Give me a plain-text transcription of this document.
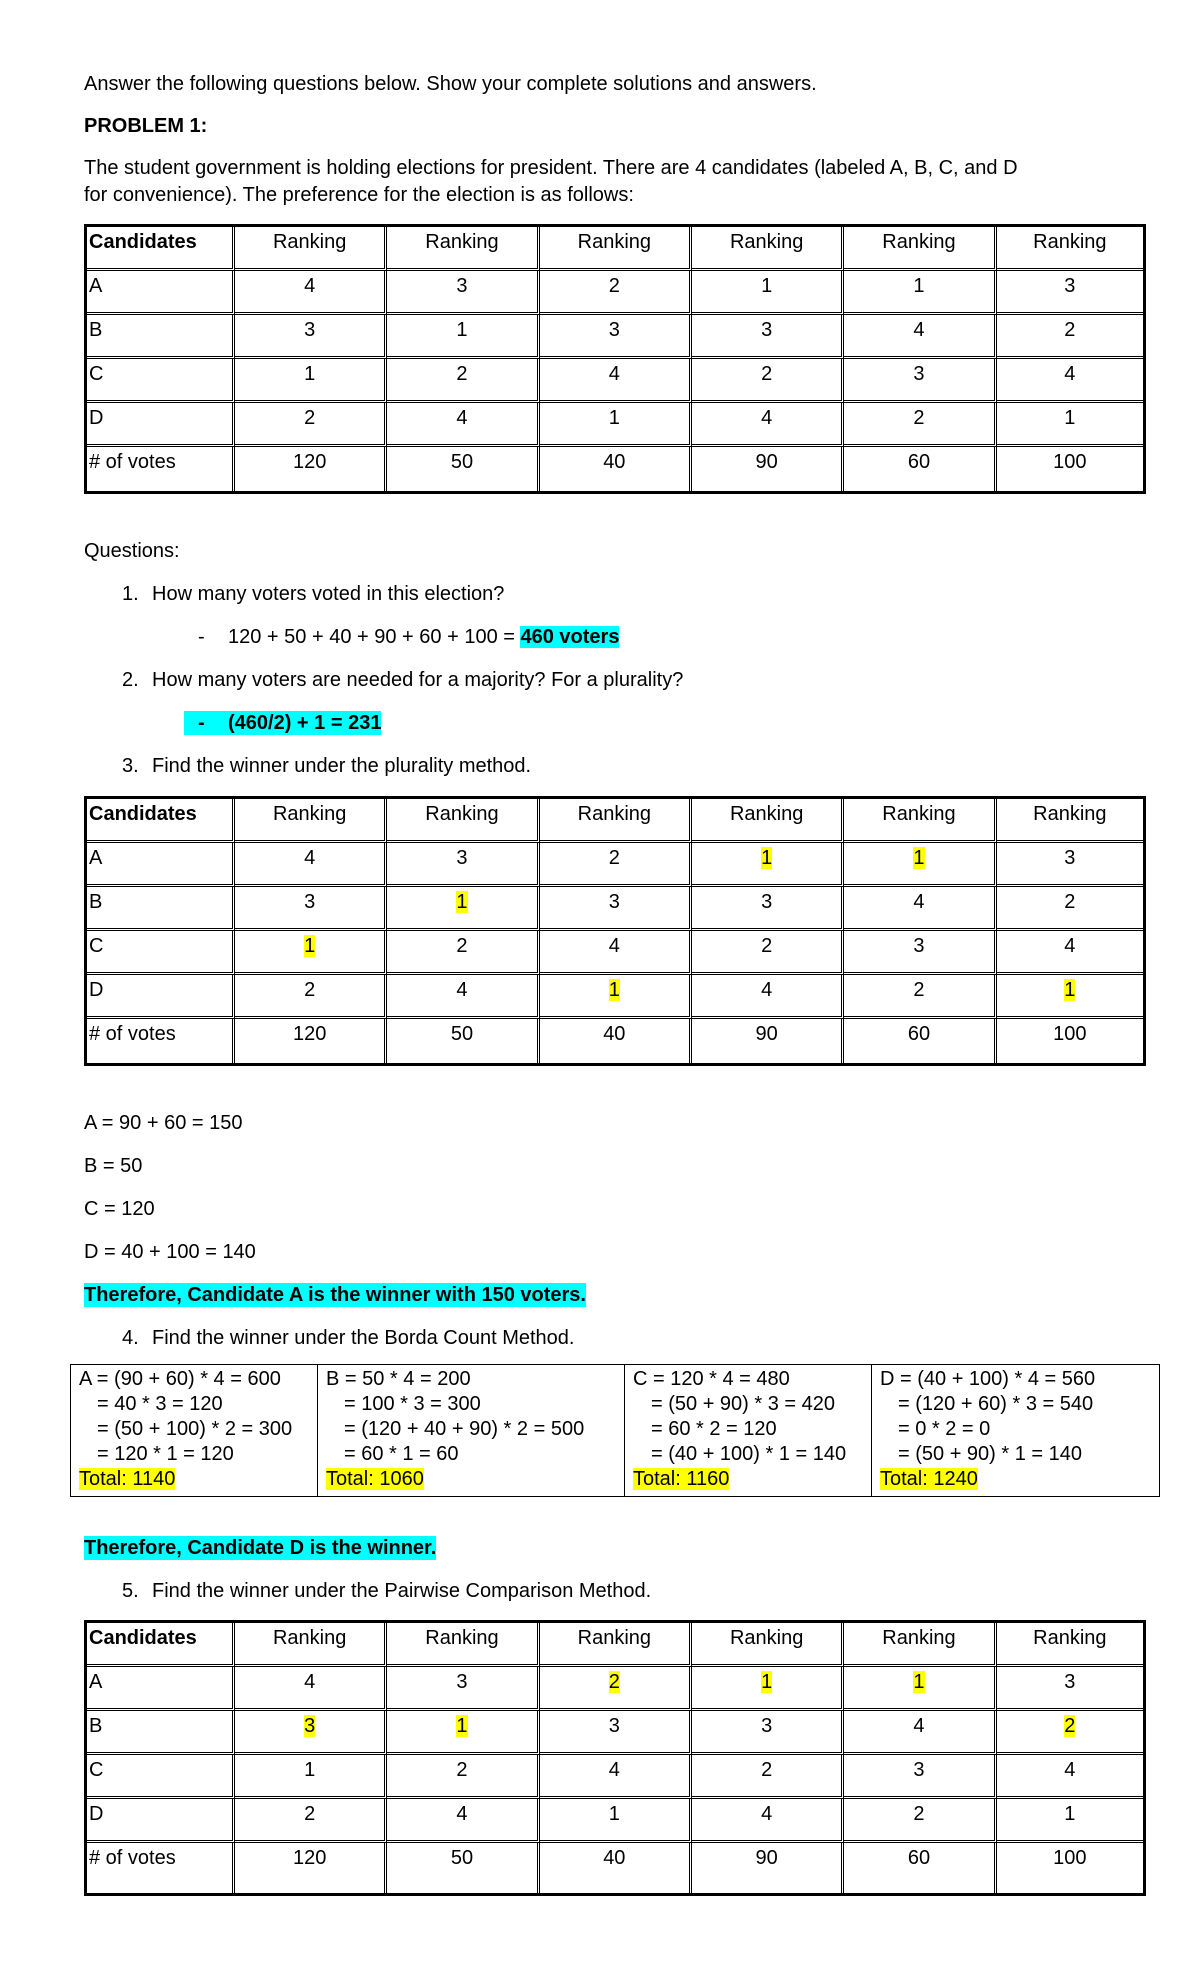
Answer the following questions below. Show your complete solutions and answers.
PROBLEM 1:
The student government is holding elections for president. There are 4 candidates (labeled A, B, C, and D
for convenience). The preference for the election is as follows:
Candidates	Ranking	Ranking	Ranking	Ranking	Ranking	Ranking
A	4	3	2	1	1	3
B	3	1	3	3	4	2
C	1	2	4	2	3	4
D	2	4	1	4	2	1
# of votes	120	50	40	90	60	100
Questions:
1. How many voters voted in this election?
- 120 + 50 + 40 + 90 + 60 + 100 = 460 voters
2. How many voters are needed for a majority? For a plurality?
- (460/2) + 1 = 231
3. Find the winner under the plurality method.
Candidates	Ranking	Ranking	Ranking	Ranking	Ranking	Ranking
A	4	3	2	1	1	3
B	3	1	3	3	4	2
C	1	2	4	2	3	4
D	2	4	1	4	2	1
# of votes	120	50	40	90	60	100
A = 90 + 60 = 150
B = 50
C = 120
D = 40 + 100 = 140
Therefore, Candidate A is the winner with 150 voters.
4. Find the winner under the Borda Count Method.
A = (90 + 60) * 4 = 600
= 40 * 3 = 120
= (50 + 100) * 2 = 300
= 120 * 1 = 120
Total: 1140

B = 50 * 4 = 200
= 100 * 3 = 300
= (120 + 40 + 90) * 2 = 500
= 60 * 1 = 60
Total: 1060

C = 120 * 4 = 480
= (50 + 90) * 3 = 420
= 60 * 2 = 120
= (40 + 100) * 1 = 140
Total: 1160

D = (40 + 100) * 4 = 560
= (120 + 60) * 3 = 540
= 0 * 2 = 0
= (50 + 90) * 1 = 140
Total: 1240
Therefore, Candidate D is the winner.
5. Find the winner under the Pairwise Comparison Method.
Candidates	Ranking	Ranking	Ranking	Ranking	Ranking	Ranking
A	4	3	2	1	1	3
B	3	1	3	3	4	2
C	1	2	4	2	3	4
D	2	4	1	4	2	1
# of votes	120	50	40	90	60	100
